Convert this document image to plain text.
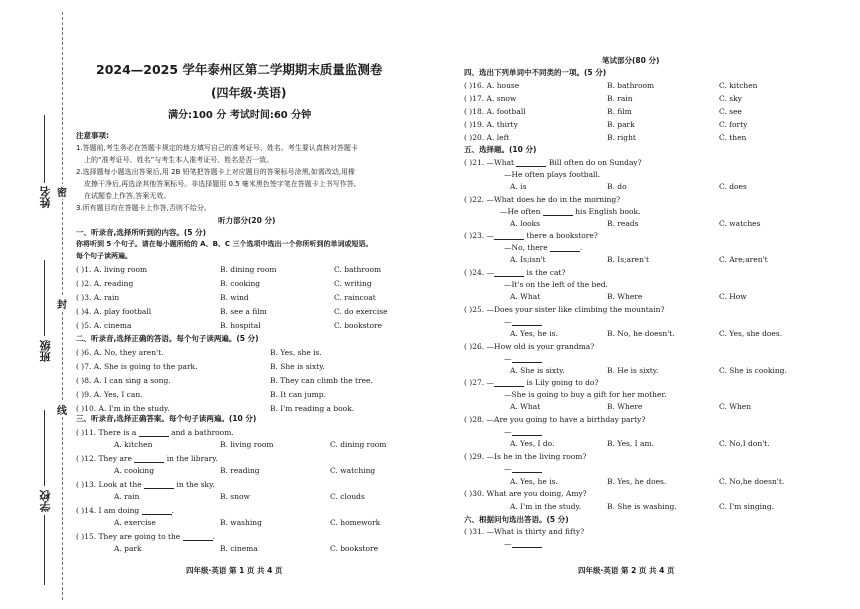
姓名
班级
学校
密
封
线
2024—2025 学年泰州区第二学期期末质量监测卷
(四年级·英语)
满分:100 分 考试时间:60 分钟
注意事项:
1.答题前,考生务必在答题卡规定的地方填写自己的准考证号、姓名。考生要认真核对答题卡
上的“准考证号、姓名”与考生本人准考证号、姓名是否一致。
2.选择题每小题选出答案后,用 2B 铅笔把答题卡上对应题目的答案标号涂黑,如需改动,用橡
皮擦干净后,再选涂其他答案标号。非选择题用 0.5 毫米黑色签字笔在答题卡上书写作答,
在试题卷上作答,答案无效。
3.所有题目均在答题卡上作答,否则不给分。
听力部分(20 分)
一、听录音,选择所听到的内容。(5 分)
你将听到 5 个句子。请在每小题所给的 A、B、C 三个选项中选出一个你所听到的单词或短语。
每个句子读两遍。
( )1. A. living room	B. dining room	C. bathroom
( )2. A. reading	B. cooking	C. writing
( )3. A. rain	B. wind	C. raincoat
( )4. A. play football	B. see a film	C. do exercise
( )5. A. cinema	B. hospital	C. bookstore
二、听录音,选择正确的答语。每个句子读两遍。(5 分)
( )6. A. No, they aren't.	B. Yes, she is.
( )7. A. She is going to the park.	B. She is sixty.
( )8. A. I can sing a song.	B. They can climb the tree.
( )9. A. Yes, I can.	B. It can jump.
( )10. A. I'm in the study.	B. I'm reading a book.
三、听录音,选择正确答案。每个句子读两遍。(10 分)
( )11. There is a	and a bathroom.
A. kitchen	B. living room	C. dining room
( )12. They are	in the library.
A. cooking	B. reading	C. watching
( )13. Look at the	in the sky.
A. rain	B. snow	C. clouds
( )14. I am doing	.
A. exercise	B. washing	C. homework
( )15. They are going to the	.
A. park	B. cinema	C. bookstore
四年级·英语 第 1 页 共 4 页
笔试部分(80 分)
四、选出下列单词中不同类的一项。(5 分)
( )16. A. house	B. bathroom	C. kitchen
( )17. A. snow	B. rain	C. sky
( )18. A. football	B. film	C. see
( )19. A. thirty	B. park	C. forty
( )20. A. left	B. right	C. then
五、选择题。(10 分)
( )21. —What	Bill often do on Sunday?
—He often plays football.
A. is	B. do	C. does
( )22. —What does he do in the morning?
—He often	his English book.
A. looks	B. reads	C. watches
( )23. —	there a bookstore?
—No, there	.
A. Is;isn't	B. Is;aren't	C. Are;aren't
( )24. —	is the cat?
—It's on the left of the bed.
A. What	B. Where	C. How
( )25. —Does your sister like climbing the mountain?
—
A. Yes, he is.	B. No, he doesn't.	C. Yes, she does.
( )26. —How old is your grandma?
—
A. She is sixty.	B. He is sixty.	C. She is cooking.
( )27. —	is Lily going to do?
—She is going to buy a gift for her mother.
A. What	B. Where	C. When
( )28. —Are you going to have a birthday party?
—
A. Yes, I do.	B. Yes, I am.	C. No,I don't.
( )29. —Is he in the living room?
—
A. Yes, he is.	B. Yes, he does.	C. No,he doesn't.
( )30. What are you doing, Amy?
A. I'm in the study.	B. She is washing.	C. I'm singing.
六、根据问句选出答语。(5 分)
( )31. —What is thirty and fifty?
—
四年级·英语 第 2 页 共 4 页
